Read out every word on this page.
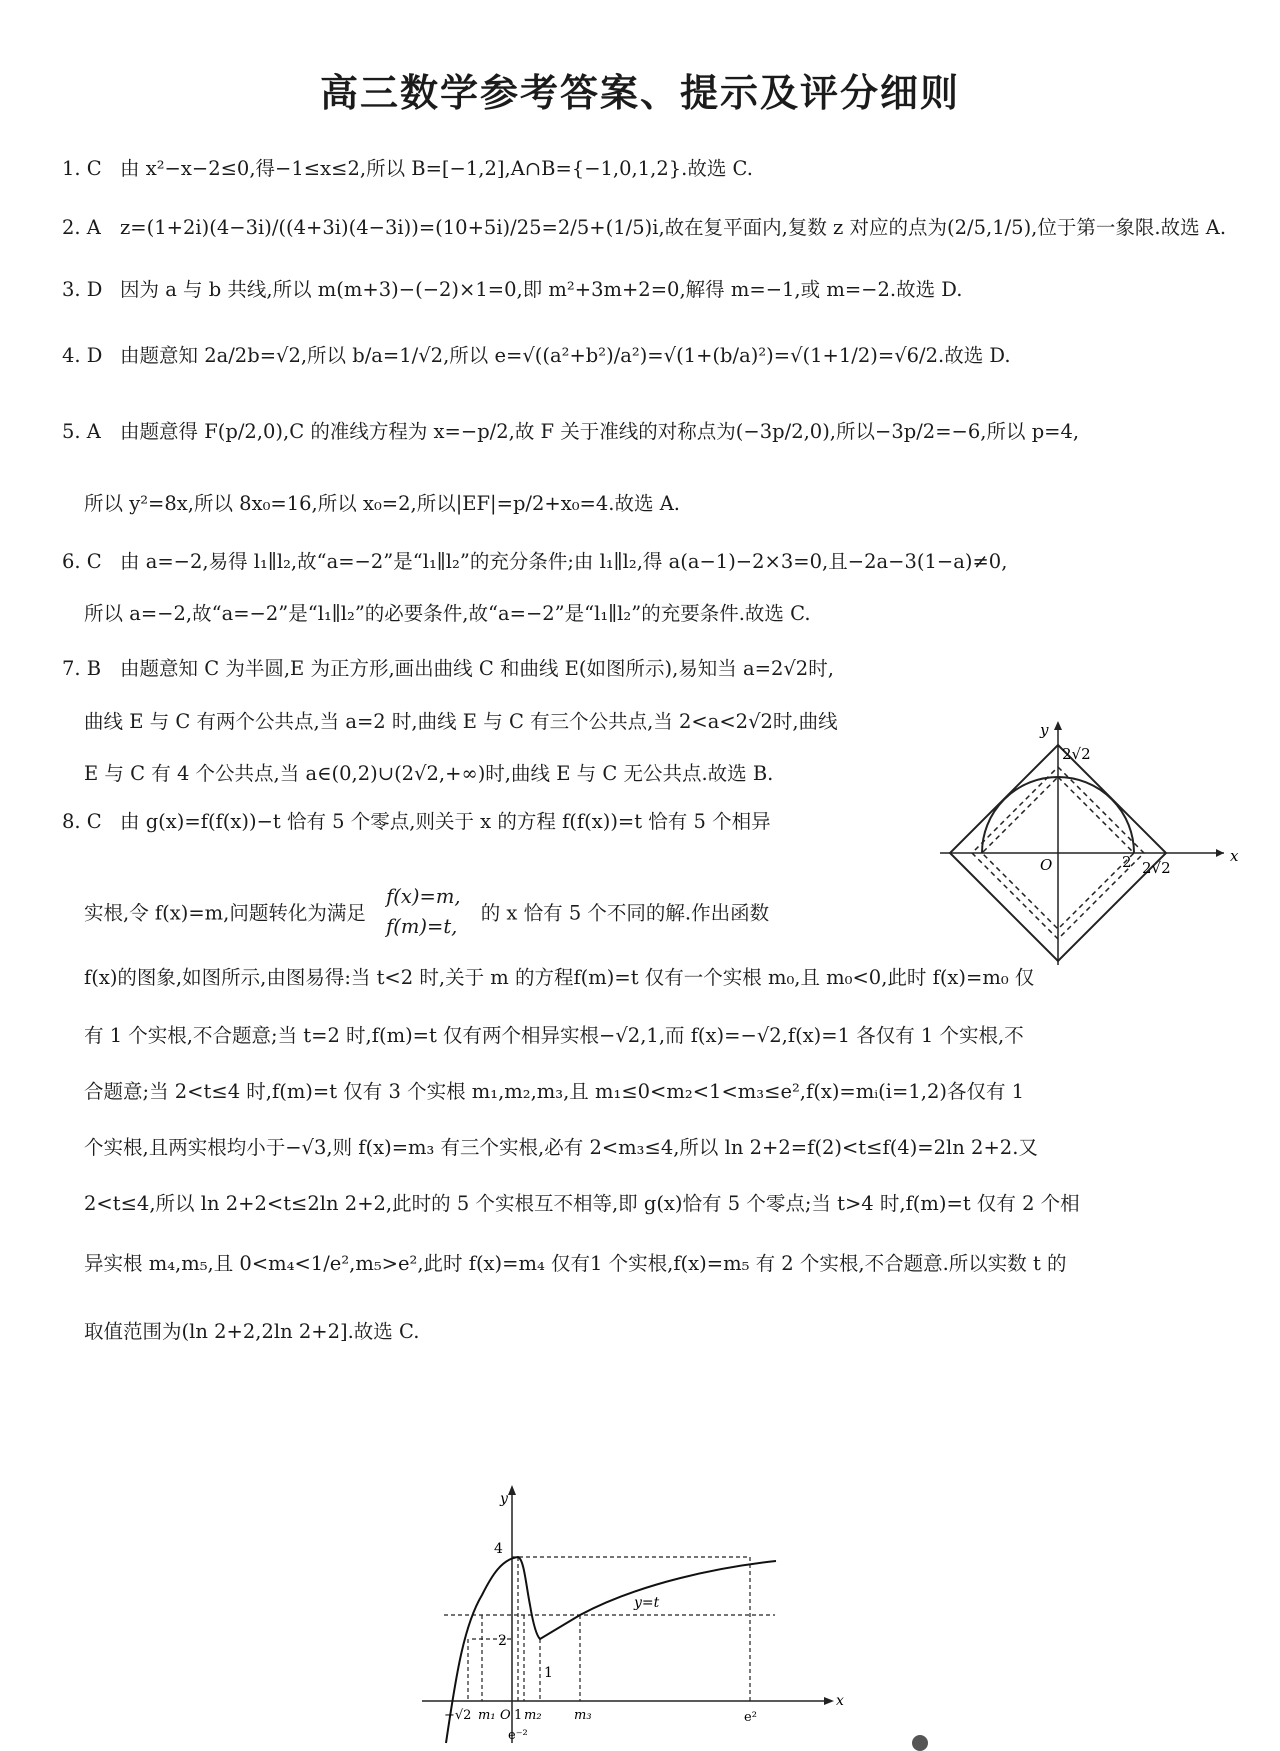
高三数学参考答案、提示及评分细则
1. C 由 x²−x−2≤0,得−1≤x≤2,所以 B=[−1,2],A∩B={−1,0,1,2}.故选 C.
2. A z=(1+2i)(4−3i)/((4+3i)(4−3i))=(10+5i)/25=2/5+(1/5)i,故在复平面内,复数 z 对应的点为(2/5,1/5),位于第一象限.故选 A.
3. D 因为 a 与 b 共线,所以 m(m+3)−(−2)×1=0,即 m²+3m+2=0,解得 m=−1,或 m=−2.故选 D.
4. D 由题意知 2a/2b=√2,所以 b/a=1/√2,所以 e=√((a²+b²)/a²)=√(1+(b/a)²)=√(1+1/2)=√6/2.故选 D.
5. A 由题意得 F(p/2,0),C 的准线方程为 x=−p/2,故 F 关于准线的对称点为(−3p/2,0),所以−3p/2=−6,所以 p=4,
所以 y²=8x,所以 8x₀=16,所以 x₀=2,所以|EF|=p/2+x₀=4.故选 A.
6. C 由 a=−2,易得 l₁∥l₂,故“a=−2”是“l₁∥l₂”的充分条件;由 l₁∥l₂,得 a(a−1)−2×3=0,且−2a−3(1−a)≠0,
所以 a=−2,故“a=−2”是“l₁∥l₂”的必要条件,故“a=−2”是“l₁∥l₂”的充要条件.故选 C.
7. B 由题意知 C 为半圆,E 为正方形,画出曲线 C 和曲线 E(如图所示),易知当 a=2√2时,
曲线 E 与 C 有两个公共点,当 a=2 时,曲线 E 与 C 有三个公共点,当 2<a<2√2时,曲线
E 与 C 有 4 个公共点,当 a∈(0,2)∪(2√2,+∞)时,曲线 E 与 C 无公共点.故选 B.
y
x
O
2√2
2 2√2
8. C 由 g(x)=f(f(x))−t 恰有 5 个零点,则关于 x 的方程 f(f(x))=t 恰有 5 个相异
实根,令 f(x)=m,问题转化为满足
f(x)=m,
f(m)=t,
的 x 恰有 5 个不同的解.作出函数
f(x)的图象,如图所示,由图易得:当 t<2 时,关于 m 的方程f(m)=t 仅有一个实根 m₀,且 m₀<0,此时 f(x)=m₀ 仅
有 1 个实根,不合题意;当 t=2 时,f(m)=t 仅有两个相异实根−√2,1,而 f(x)=−√2,f(x)=1 各仅有 1 个实根,不
合题意;当 2<t≤4 时,f(m)=t 仅有 3 个实根 m₁,m₂,m₃,且 m₁≤0<m₂<1<m₃≤e²,f(x)=mᵢ(i=1,2)各仅有 1
个实根,且两实根均小于−√3,则 f(x)=m₃ 有三个实根,必有 2<m₃≤4,所以 ln 2+2=f(2)<t≤f(4)=2ln 2+2.又
2<t≤4,所以 ln 2+2<t≤2ln 2+2,此时的 5 个实根互不相等,即 g(x)恰有 5 个零点;当 t>4 时,f(m)=t 仅有 2 个相
异实根 m₄,m₅,且 0<m₄<1/e²,m₅>e²,此时 f(x)=m₄ 仅有1 个实根,f(x)=m₅ 有 2 个实根,不合题意.所以实数 t 的
取值范围为(ln 2+2,2ln 2+2].故选 C.
4
2
y
x
y=t
1
−√2 m₁ O 1 m₂
e⁻²
m₃	e²
